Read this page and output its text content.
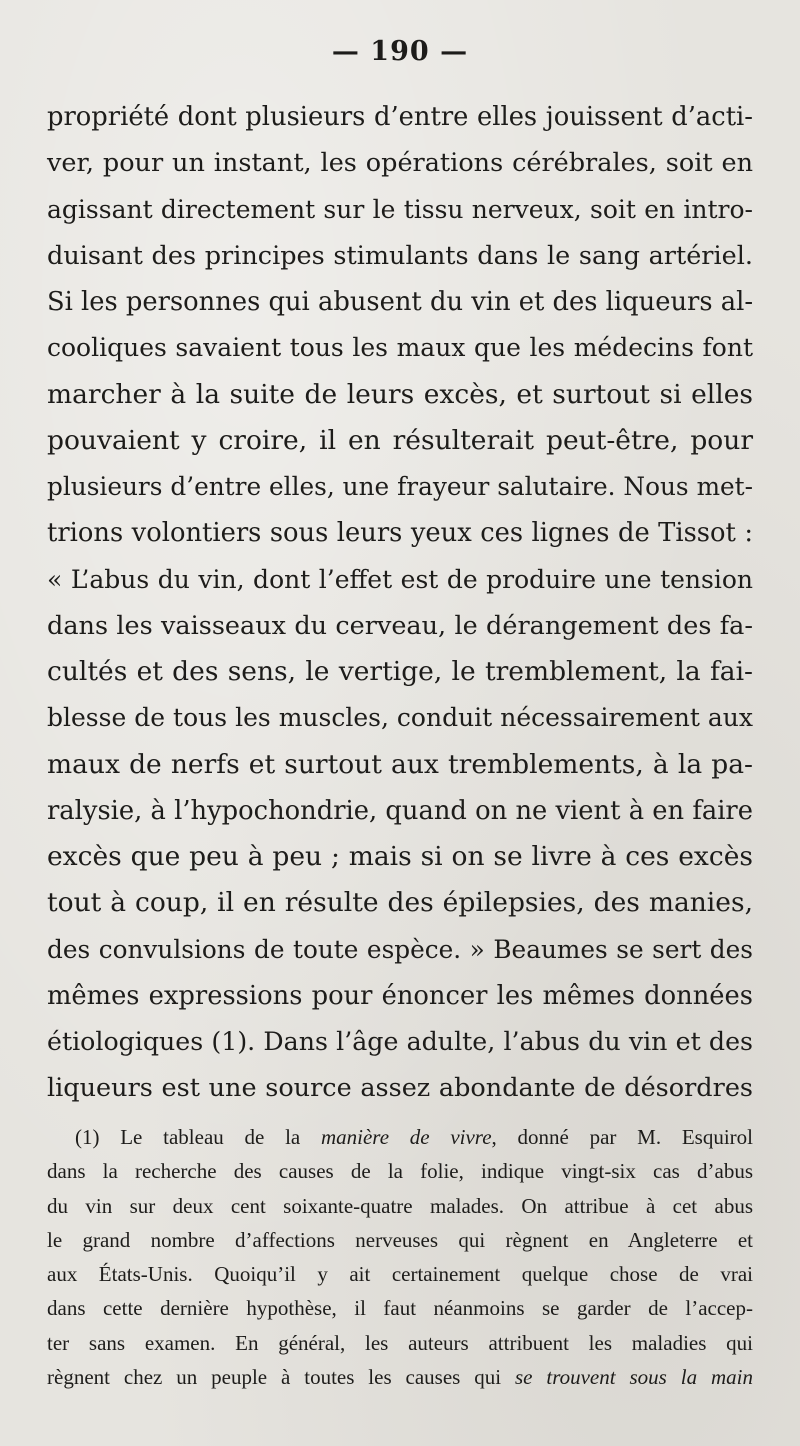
— 190 —
propriété dont plusieurs d’entre elles jouissent d’acti-
ver, pour un instant, les opérations cérébrales, soit en
agissant directement sur le tissu nerveux, soit en intro-
duisant des principes stimulants dans le sang artériel.
Si les personnes qui abusent du vin et des liqueurs al-
cooliques savaient tous les maux que les médecins font
marcher à la suite de leurs excès, et surtout si elles
pouvaient y croire, il en résulterait peut-être, pour
plusieurs d’entre elles, une frayeur salutaire. Nous met-
trions volontiers sous leurs yeux ces lignes de Tissot :
« L’abus du vin, dont l’effet est de produire une tension
dans les vaisseaux du cerveau, le dérangement des fa-
cultés et des sens, le vertige, le tremblement, la fai-
blesse de tous les muscles, conduit nécessairement aux
maux de nerfs et surtout aux tremblements, à la pa-
ralysie, à l’hypochondrie, quand on ne vient à en faire
excès que peu à peu ; mais si on se livre à ces excès
tout à coup, il en résulte des épilepsies, des manies,
des convulsions de toute espèce. » Beaumes se sert des
mêmes expressions pour énoncer les mêmes données
étiologiques (1). Dans l’âge adulte, l’abus du vin et des
liqueurs est une source assez abondante de désordres
(1) Le tableau de la manière de vivre, donné par M. Esquirol
dans la recherche des causes de la folie, indique vingt-six cas d’abus
du vin sur deux cent soixante-quatre malades. On attribue à cet abus
le grand nombre d’affections nerveuses qui règnent en Angleterre et
aux États-Unis. Quoiqu’il y ait certainement quelque chose de vrai
dans cette dernière hypothèse, il faut néanmoins se garder de l’accep-
ter sans examen. En général, les auteurs attribuent les maladies qui
règnent chez un peuple à toutes les causes qui se trouvent sous la main
